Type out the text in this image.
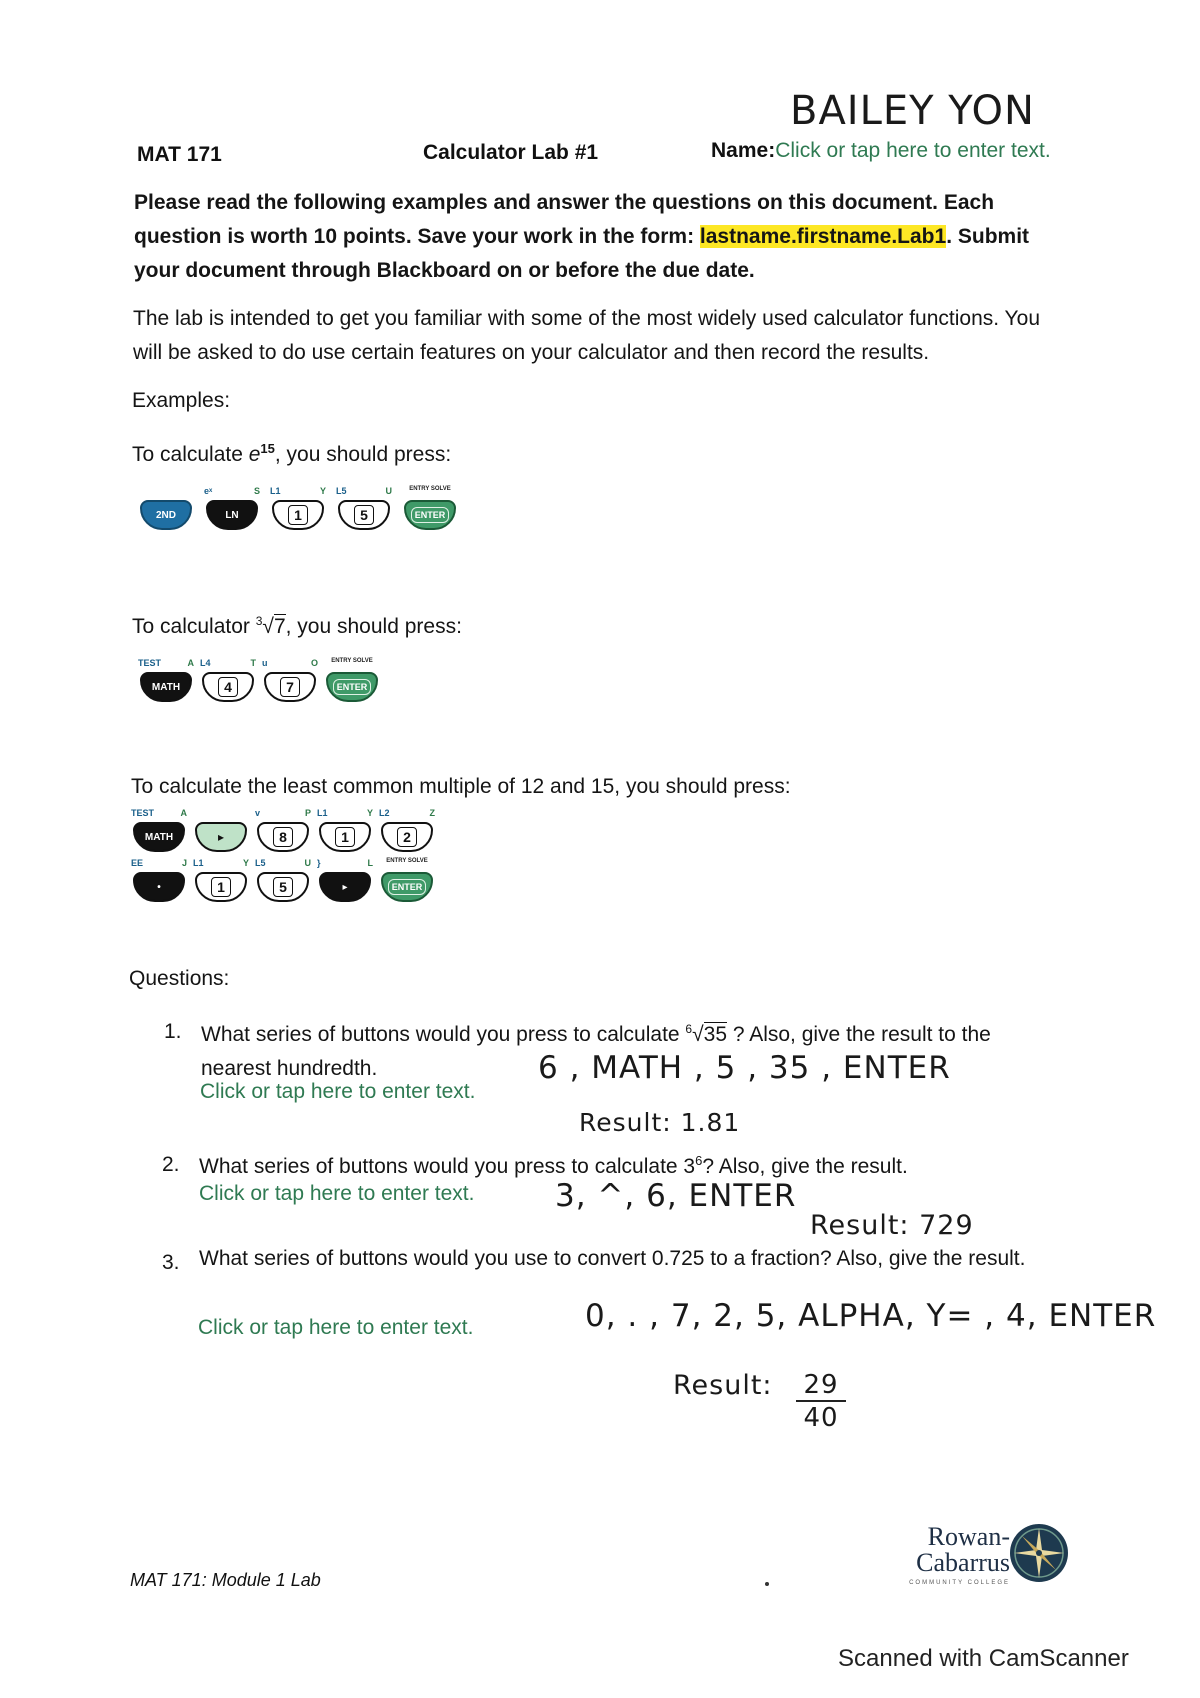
BAILEY YON
MAT 171	Calculator Lab #1	Name:Click or tap here to enter text.
Please read the following examples and answer the questions on this document. Each question is worth 10 points. Save your work in the form: lastname.firstname.Lab1. Submit your document through Blackboard on or before the due date.
The lab is intended to get you familiar with some of the most widely used calculator functions. You will be asked to do use certain features on your calculator and then record the results.
Examples:
To calculate $e^{15}$, you should press:
2ND
eˣ	S
LN
L1	Y
1
L5	U
5
ENTRY SOLVE
ENTER
To calculator $^3$√7, you should press:
TEST	A
MATH
L4	T
4
u	O
7
ENTRY SOLVE
ENTER
To calculate the least common multiple of 12 and 15, you should press:
TEST	A
MATH	▸
v	P
8
L1	Y
1
L2	Z
2
EE	J
•
L1	Y
1
L5	U
5
}	L
▸
ENTRY SOLVE
ENTER
Questions:
1. What series of buttons would you press to calculate $^6$√35 ? Also, give the result to the nearest hundredth.
Click or tap here to enter text.
6 , MATH , 5 , 35 , ENTER
Result: 1.81
2. What series of buttons would you press to calculate $3^6$? Also, give the result.
Click or tap here to enter text.	3, ^, 6, ENTER
Result: 729
3. What series of buttons would you use to convert 0.725 to a fraction? Also, give the result.
Click or tap here to enter text.	0, . , 7, 2, 5, ALPHA, Y= , 4, ENTER
Result: $\frac{29}{40}$
MAT 171: Module 1 Lab
Rowan-
Cabarrus
COMMUNITY COLLEGE
Scanned with CamScanner
